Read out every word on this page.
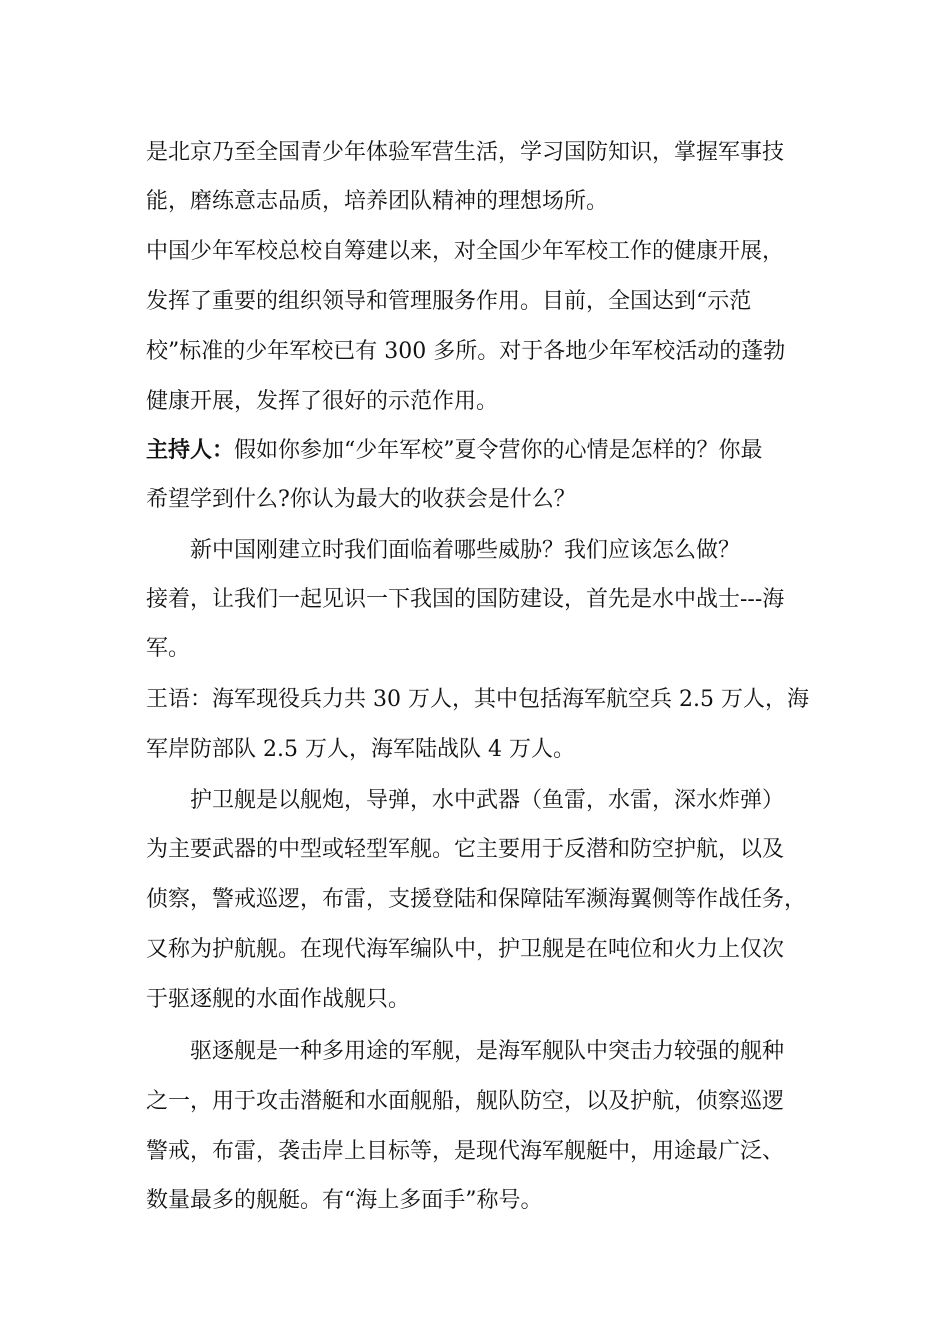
是北京乃至全国青少年体验军营生活，学习国防知识，掌握军事技

能，磨练意志品质，培养团队精神的理想场所。

中国少年军校总校自筹建以来，对全国少年军校工作的健康开展，

发挥了重要的组织领导和管理服务作用。目前，全国达到“示范

校”标准的少年军校已有 300 多所。对于各地少年军校活动的蓬勃

健康开展，发挥了很好的示范作用。

主持人：假如你参加“少年军校”夏令营你的心情是怎样的？你最

希望学到什么?你认为最大的收获会是什么？

新中国刚建立时我们面临着哪些威胁？我们应该怎么做？

接着，让我们一起见识一下我国的国防建设，首先是水中战士---海

军。

王语：海军现役兵力共 30 万人，其中包括海军航空兵 2.5 万人，海

军岸防部队 2.5 万人，海军陆战队 4 万人。

护卫舰是以舰炮，导弹，水中武器（鱼雷，水雷，深水炸弹）

为主要武器的中型或轻型军舰。它主要用于反潜和防空护航，以及

侦察，警戒巡逻，布雷，支援登陆和保障陆军濒海翼侧等作战任务，

又称为护航舰。在现代海军编队中，护卫舰是在吨位和火力上仅次

于驱逐舰的水面作战舰只。

驱逐舰是一种多用途的军舰，是海军舰队中突击力较强的舰种

之一，用于攻击潜艇和水面舰船，舰队防空，以及护航，侦察巡逻

警戒，布雷，袭击岸上目标等，是现代海军舰艇中，用途最广泛、

数量最多的舰艇。有“海上多面手”称号。
